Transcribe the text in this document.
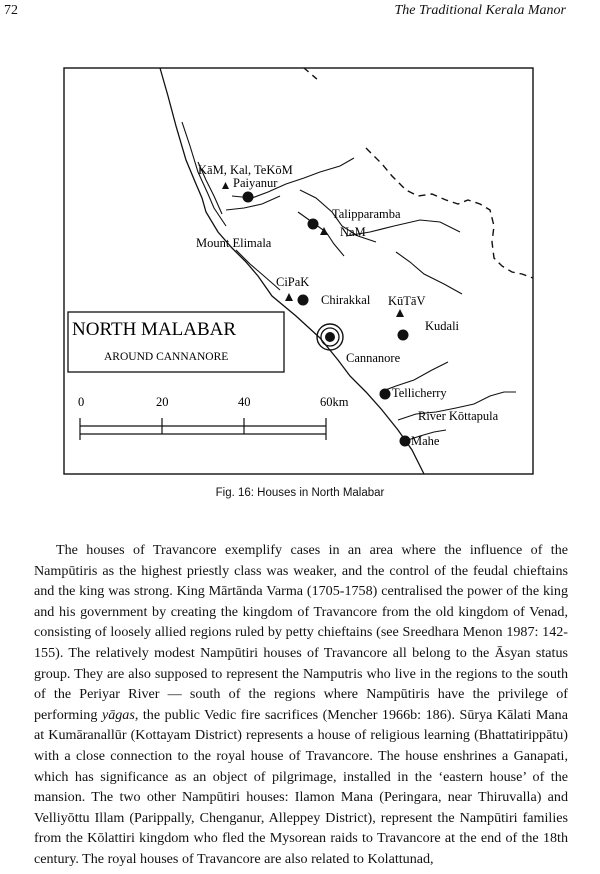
72	The Traditional Kerala Manor
KāM, Kal, TeKōM
Paiyanur
Mount Elimala
Talipparamba
NaM
CiPaK
Chirakkal KūTāV
Kudali
Cannanore
Tellicherry
River Kōttapula
Mahe
NORTH MALABAR
AROUND CANNANORE
0	20	40	60km
Fig. 16: Houses in North Malabar

The houses of Travancore exemplify cases in an area where the influence of the Nampūtiris as the highest priestly class was weaker, and the control of the feudal chieftains and the king was strong. King Mārtānda Varma (1705-1758) centralised the power of the king and his government by creating the kingdom of Travancore from the old kingdom of Venad, consisting of loosely allied regions ruled by petty chieftains (see Sreedhara Menon 1987: 142-155). The relatively modest Nampūtiri houses of Travancore all belong to the Āsyan status group. They are also supposed to represent the Namputris who live in the regions to the south of the Periyar River — south of the regions where Nampūtiris have the privilege of performing yāgas, the public Vedic fire sacrifices (Mencher 1966b: 186). Sūrya Kālati Mana at Kumāranallūr (Kottayam District) represents a house of religious learning (Bhattatirippātu) with a close connection to the royal house of Travancore. The house enshrines a Ganapati, which has significance as an object of pilgrimage, installed in the ‘eastern house’ of the mansion. The two other Nampūtiri houses: Ilamon Mana (Peringara, near Thiruvalla) and Velliyōttu Illam (Parippally, Chenganur, Alleppey District), represent the Nampūtiri families from the Kōlattiri kingdom who fled the Mysorean raids to Travancore at the end of the 18th century. The royal houses of Travancore are also related to Kolattunad,
